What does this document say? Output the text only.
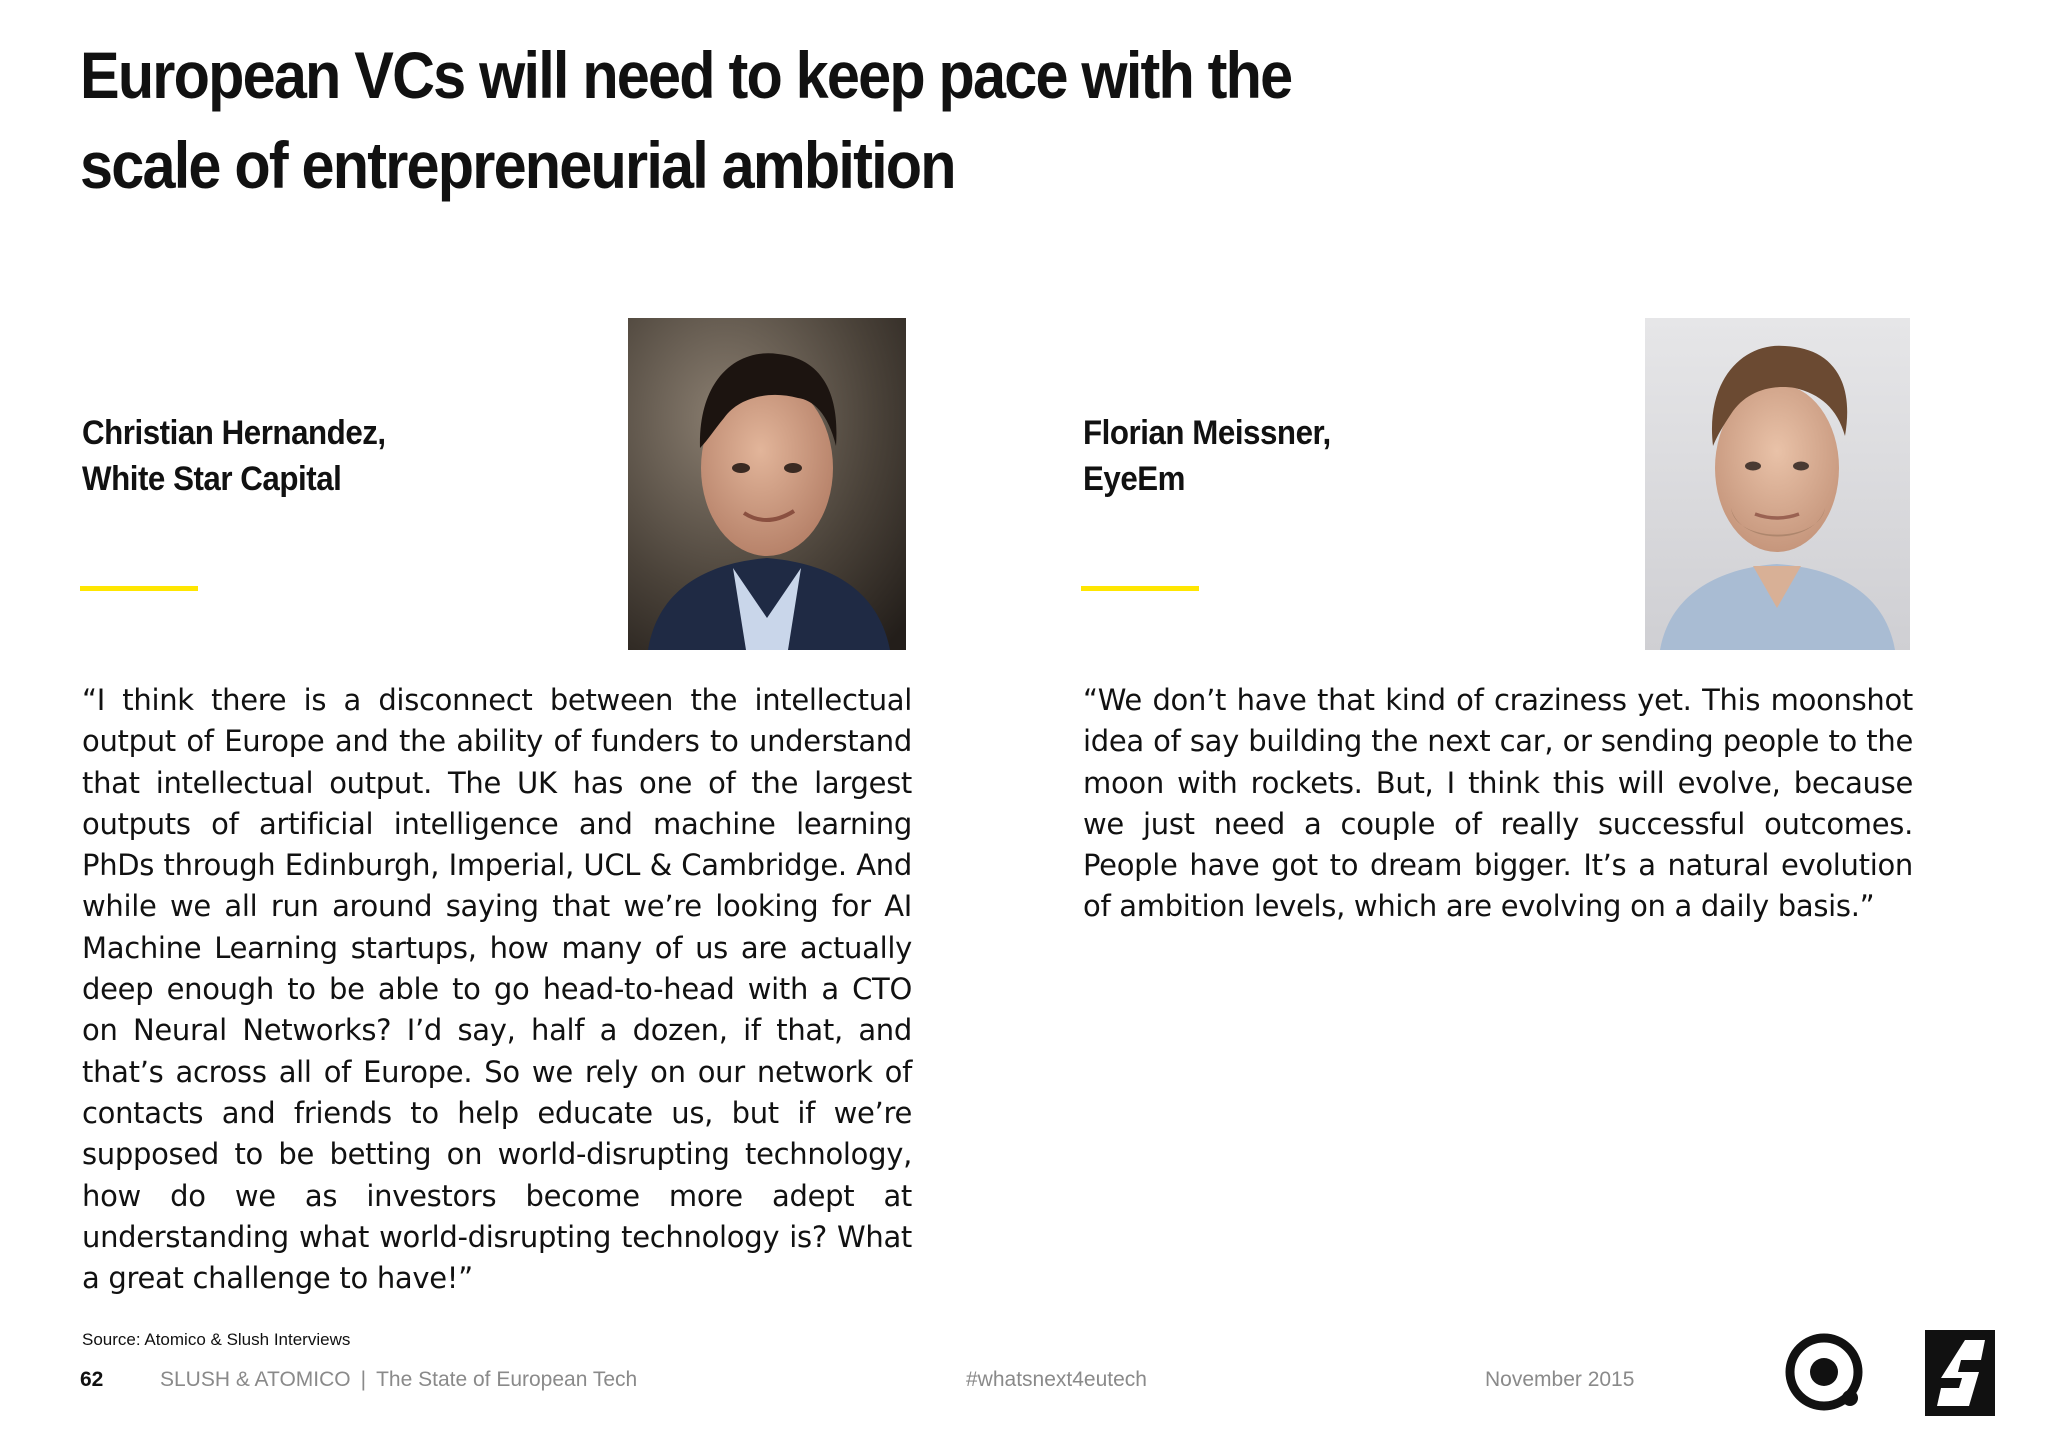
European VCs will need to keep pace with the scale of entrepreneurial ambition
Christian Hernandez,
White Star Capital

“I think there is a disconnect between the intellectual output of Europe and the ability of funders to understand that intellectual output. The UK has one of the largest outputs of artificial intelligence and machine learning PhDs through Edinburgh, Imperial, UCL & Cambridge. And while we all run around saying that we’re looking for AI Machine Learning startups, how many of us are actually deep enough to be able to go head-to-head with a CTO on Neural Networks? I’d say, half a dozen, if that, and that’s across all of Europe. So we rely on our network of contacts and friends to help educate us, but if we’re supposed to be betting on world-disrupting technology, how do we as investors become more adept at understanding what world-disrupting technology is? What a great challenge to have!”

Florian Meissner,
EyeEm

“We don’t have that kind of craziness yet. This moonshot idea of say building the next car, or sending people to the moon with rockets. But, I think this will evolve, because we just need a couple of really successful outcomes. People have got to dream bigger. It’s a natural evolution of ambition levels, which are evolving on a daily basis.”

Source: Atomico & Slush Interviews
62	SLUSH & ATOMICO | The State of European Tech	#whatsnext4eutech	November 2015
